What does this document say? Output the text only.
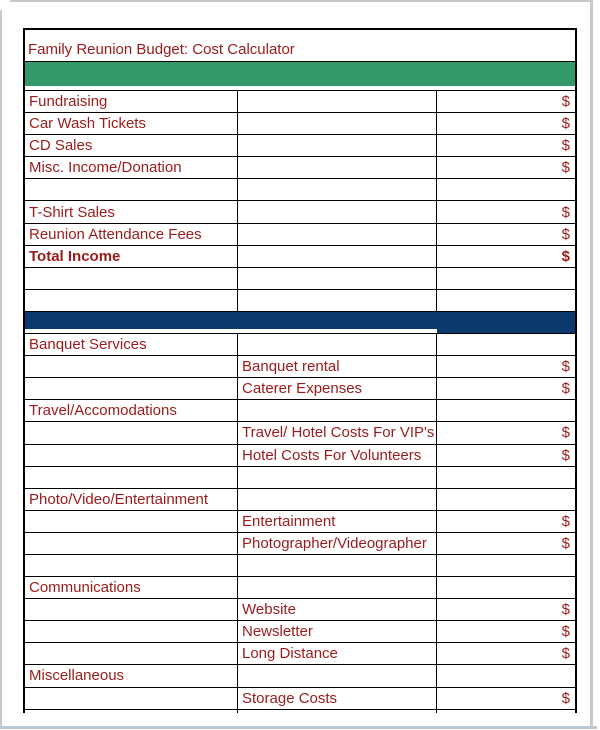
Family Reunion Budget: Cost Calculator
Fundraising	$
Car Wash Tickets	$
CD Sales	$
Misc. Income/Donation	$
T-Shirt Sales	$
Reunion Attendance Fees	$
Total Income	$
Banquet Services
Banquet rental	$
Caterer Expenses	$
Travel/Accomodations
Travel/ Hotel Costs For VIP's	$
Hotel Costs For Volunteers	$
Photo/Video/Entertainment
Entertainment	$
Photographer/Videographer	$
Communications
Website	$
Newsletter	$
Long Distance	$
Miscellaneous
Storage Costs	$
